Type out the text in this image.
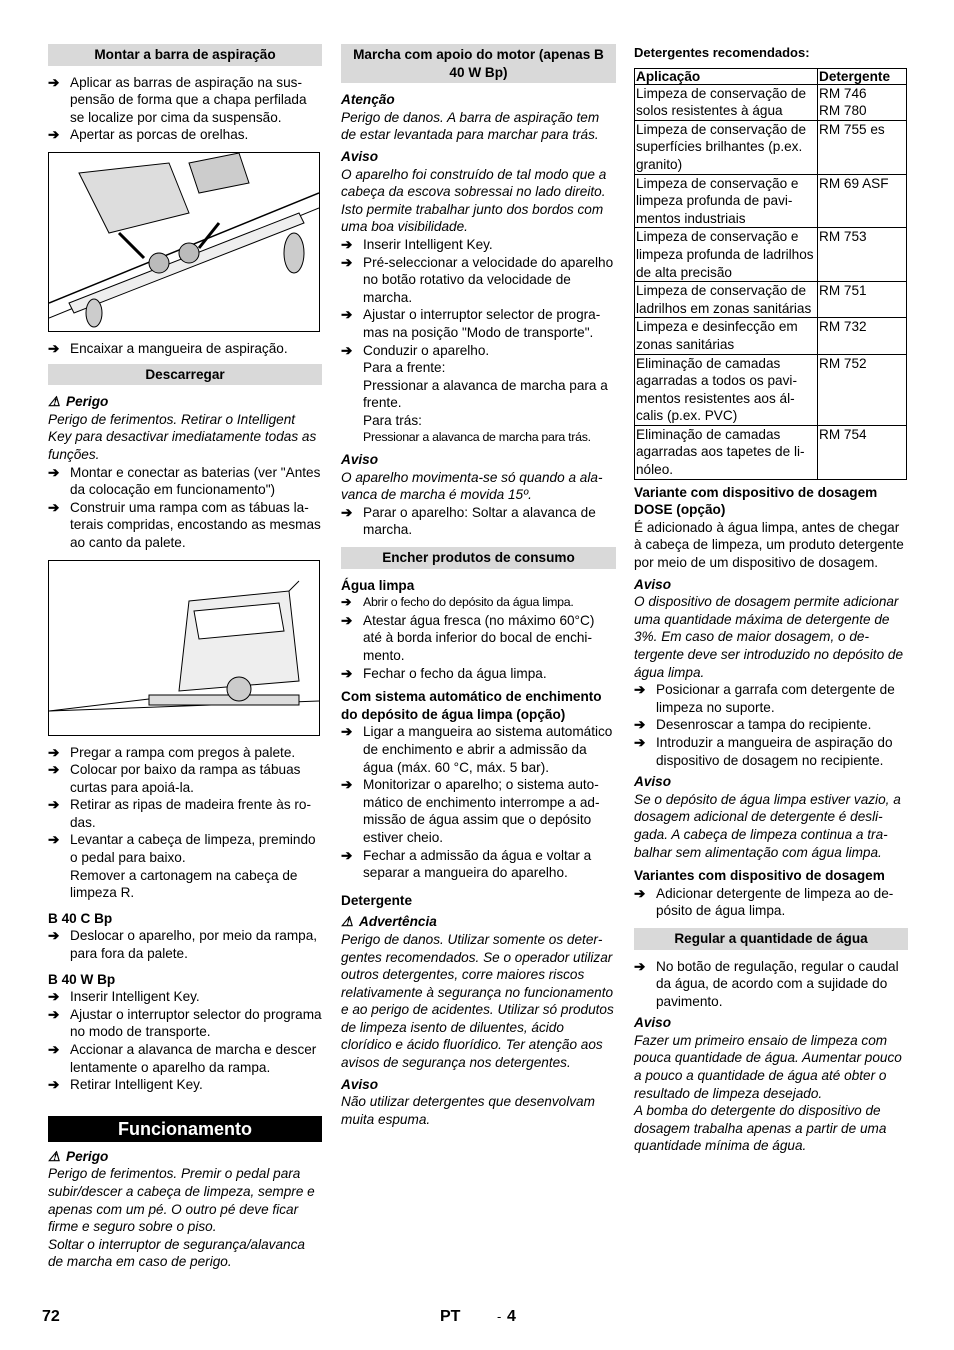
Montar a barra de aspiração
➔ Aplicar as barras de aspiração na suspensão de forma que a chapa perfilada se localize por cima da suspensão.
➔ Apertar as porcas de orelhas.
➔ Encaixar a mangueira de aspiração.
Descarregar
⚠ Perigo
Perigo de ferimentos. Retirar o Intelligent Key para desactivar imediatamente todas as funções.
➔ Montar e conectar as baterias (ver "Antes da colocação em funcionamento")
➔ Construir uma rampa com as tábuas laterais compridas, encostando as mesmas ao canto da palete.
➔ Pregar a rampa com pregos à palete.
➔ Colocar por baixo da rampa as tábuas curtas para apoiá-la.
➔ Retirar as ripas de madeira frente às rodas.
➔ Levantar a cabeça de limpeza, premindo o pedal para baixo.
Remover a cartonagem na cabeça de limpeza R.
B 40 C Bp
➔ Deslocar o aparelho, por meio da rampa, para fora da palete.
B 40 W Bp
➔ Inserir Intelligent Key.
➔ Ajustar o interruptor selector do programa no modo de transporte.
➔ Accionar a alavanca de marcha e descer lentamente o aparelho da rampa.
➔ Retirar Intelligent Key.
Funcionamento
⚠ Perigo
Perigo de ferimentos. Premir o pedal para subir/descer a cabeça de limpeza, sempre e apenas com um pé. O outro pé deve ficar firme e seguro sobre o piso.
Soltar o interruptor de segurança/alavanca de marcha em caso de perigo.
Marcha com apoio do motor (apenas B 40 W Bp)
Atenção
Perigo de danos. A barra de aspiração tem de estar levantada para marchar para trás.
Aviso
O aparelho foi construído de tal modo que a cabeça da escova sobressai no lado direito. Isto permite trabalhar junto dos bordos com uma boa visibilidade.
➔ Inserir Intelligent Key.
➔ Pré-seleccionar a velocidade do aparelho no botão rotativo da velocidade de marcha.
➔ Ajustar o interruptor selector de programas na posição "Modo de transporte".
➔ Conduzir o aparelho.
Para a frente:
Pressionar a alavanca de marcha para a frente.
Para trás:
Pressionar a alavanca de marcha para trás.
Aviso
O aparelho movimenta-se só quando a alavanca de marcha é movida 15º.
➔ Parar o aparelho: Soltar a alavanca de marcha.
Encher produtos de consumo
Água limpa
➔ Abrir o fecho do depósito da água limpa.
➔ Atestar água fresca (no máximo 60°C) até à borda inferior do bocal de enchimento.
➔ Fechar o fecho da água limpa.
Com sistema automático de enchimento do depósito de água limpa (opção)
➔ Ligar a mangueira ao sistema automático de enchimento e abrir a admissão da água (máx. 60 °C, máx. 5 bar).
➔ Monitorizar o aparelho; o sistema automático de enchimento interrompe a admissão de água assim que o depósito estiver cheio.
➔ Fechar a admissão da água e voltar a separar a mangueira do aparelho.
Detergente
⚠ Advertência
Perigo de danos. Utilizar somente os detergentes recomendados. Se o operador utilizar outros detergentes, corre maiores riscos relativamente à segurança no funcionamento e ao perigo de acidentes. Utilizar só produtos de limpeza isento de diluentes, ácido clorídico e ácido fluorídico. Ter atenção aos avisos de segurança nos detergentes.
Aviso
Não utilizar detergentes que desenvolvam muita espuma.
Detergentes recomendados:
Aplicação	Detergente
Limpeza de conservação de solos resistentes à água	RM 746
RM 780
Limpeza de conservação de superfícies brilhantes (p.ex. granito)	RM 755 es
Limpeza de conservação e limpeza profunda de pavimentos industriais	RM 69 ASF
Limpeza de conservação e limpeza profunda de ladrilhos de alta precisão	RM 753
Limpeza de conservação de ladrilhos em zonas sanitárias	RM 751
Limpeza e desinfecção em zonas sanitárias	RM 732
Eliminação de camadas agarradas a todos os pavimentos resistentes aos álcalis (p.ex. PVC)	RM 752
Eliminação de camadas agarradas aos tapetes de linóleo.	RM 754
Variante com dispositivo de dosagem DOSE (opção)
É adicionado à água limpa, antes de chegar à cabeça de limpeza, um produto detergente por meio de um dispositivo de dosagem.
Aviso
O dispositivo de dosagem permite adicionar uma quantidade máxima de detergente de 3%. Em caso de maior dosagem, o detergente deve ser introduzido no depósito de água limpa.
➔ Posicionar a garrafa com detergente de limpeza no suporte.
➔ Desenroscar a tampa do recipiente.
➔ Introduzir a mangueira de aspiração do dispositivo de dosagem no recipiente.
Aviso
Se o depósito de água limpa estiver vazio, a dosagem adicional de detergente é desligada. A cabeça de limpeza continua a trabalhar sem alimentação com água limpa.
Variantes com dispositivo de dosagem
➔ Adicionar detergente de limpeza ao depósito de água limpa.
Regular a quantidade de água
➔ No botão de regulação, regular o caudal da água, de acordo com a sujidade do pavimento.
Aviso
Fazer um primeiro ensaio de limpeza com pouca quantidade de água. Aumentar pouco a pouco a quantidade de água até obter o resultado de limpeza desejado.
A bomba do detergente do dispositivo de dosagem trabalha apenas a partir de uma quantidade mínima de água.
72	PT	- 4
